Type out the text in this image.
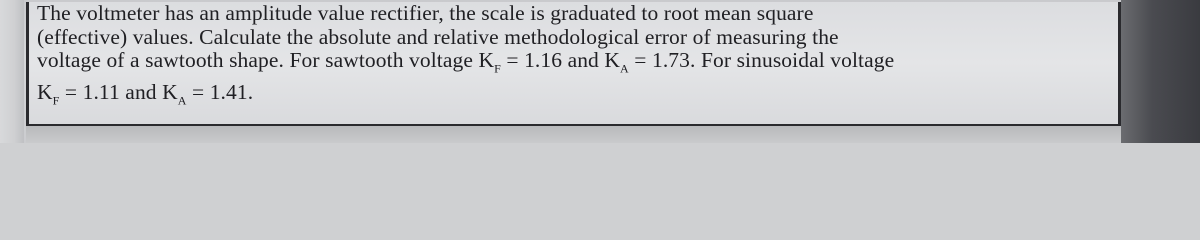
The voltmeter has an amplitude value rectifier, the scale is graduated to root mean square
(effective) values. Calculate the absolute and relative methodological error of measuring the
voltage of a sawtooth shape. For sawtooth voltage $K_F = 1.16$ and $K_A = 1.73$. For sinusoidal voltage
$K_F = 1.11$ and $K_A = 1.41$.
